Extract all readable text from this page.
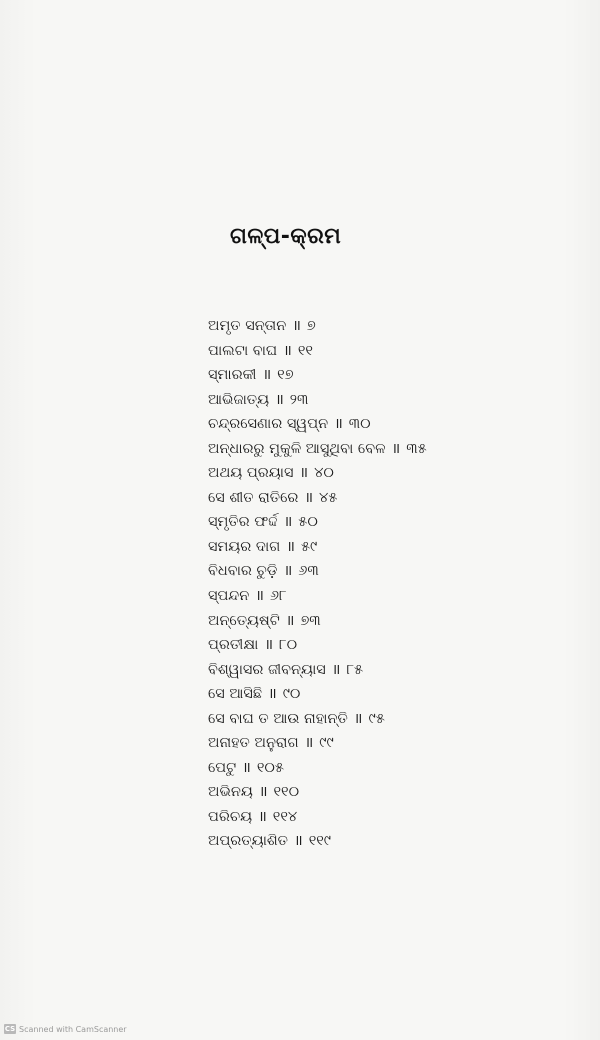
ଗଳ୍ପ-କ୍ରମ
ଅମୃତ ସନ୍ତାନ ॥ ୭
ପାଲଟା ବାଘ ॥ ୧୧
ସ୍ମାରକୀ ॥ ୧୭
ଆଭିଜାତ୍ୟ ॥ ୨୩
ଚନ୍ଦ୍ରସେଣାର ସ୍ୱପ୍ନ ॥ ୩୦
ଅନ୍ଧାରରୁ ମୁକୁଳି ଆସୁଥିବା ବେଳ ॥ ୩୫
ଅଥୟ ପ୍ରୟାସ ॥ ୪୦
ସେ ଶୀତ ରାତିରେ ॥ ୪୫
ସ୍ମୃତିର ଫର୍ଦ୍ଦ ॥ ୫୦
ସମୟର ଦାଗ ॥ ୫୯
ବିଧବାର ଚୁଡ଼ି ॥ ୬୩
ସ୍ପନ୍ଦନ ॥ ୬୮
ଅନ୍ତ୍ୟେଷ୍ଟି ॥ ୭୩
ପ୍ରତୀକ୍ଷା ॥ ୮୦
ବିଶ୍ୱାସର ଜୀବନ୍ୟାସ ॥ ୮୫
ସେ ଆସିଛି ॥ ୯୦
ସେ ବାଘ ତ ଆଉ ନାହାନ୍ତି ॥ ୯୫
ଅନାହତ ଅନୁରାଗ ॥ ୯୯
ପେଟୁ ॥ ୧୦୫
ଅଭିନୟ ॥ ୧୧୦
ପରିଚୟ ॥ ୧୧୪
ଅପ୍ରତ୍ୟାଶିତ ॥ ୧୧୯
CS Scanned with CamScanner
